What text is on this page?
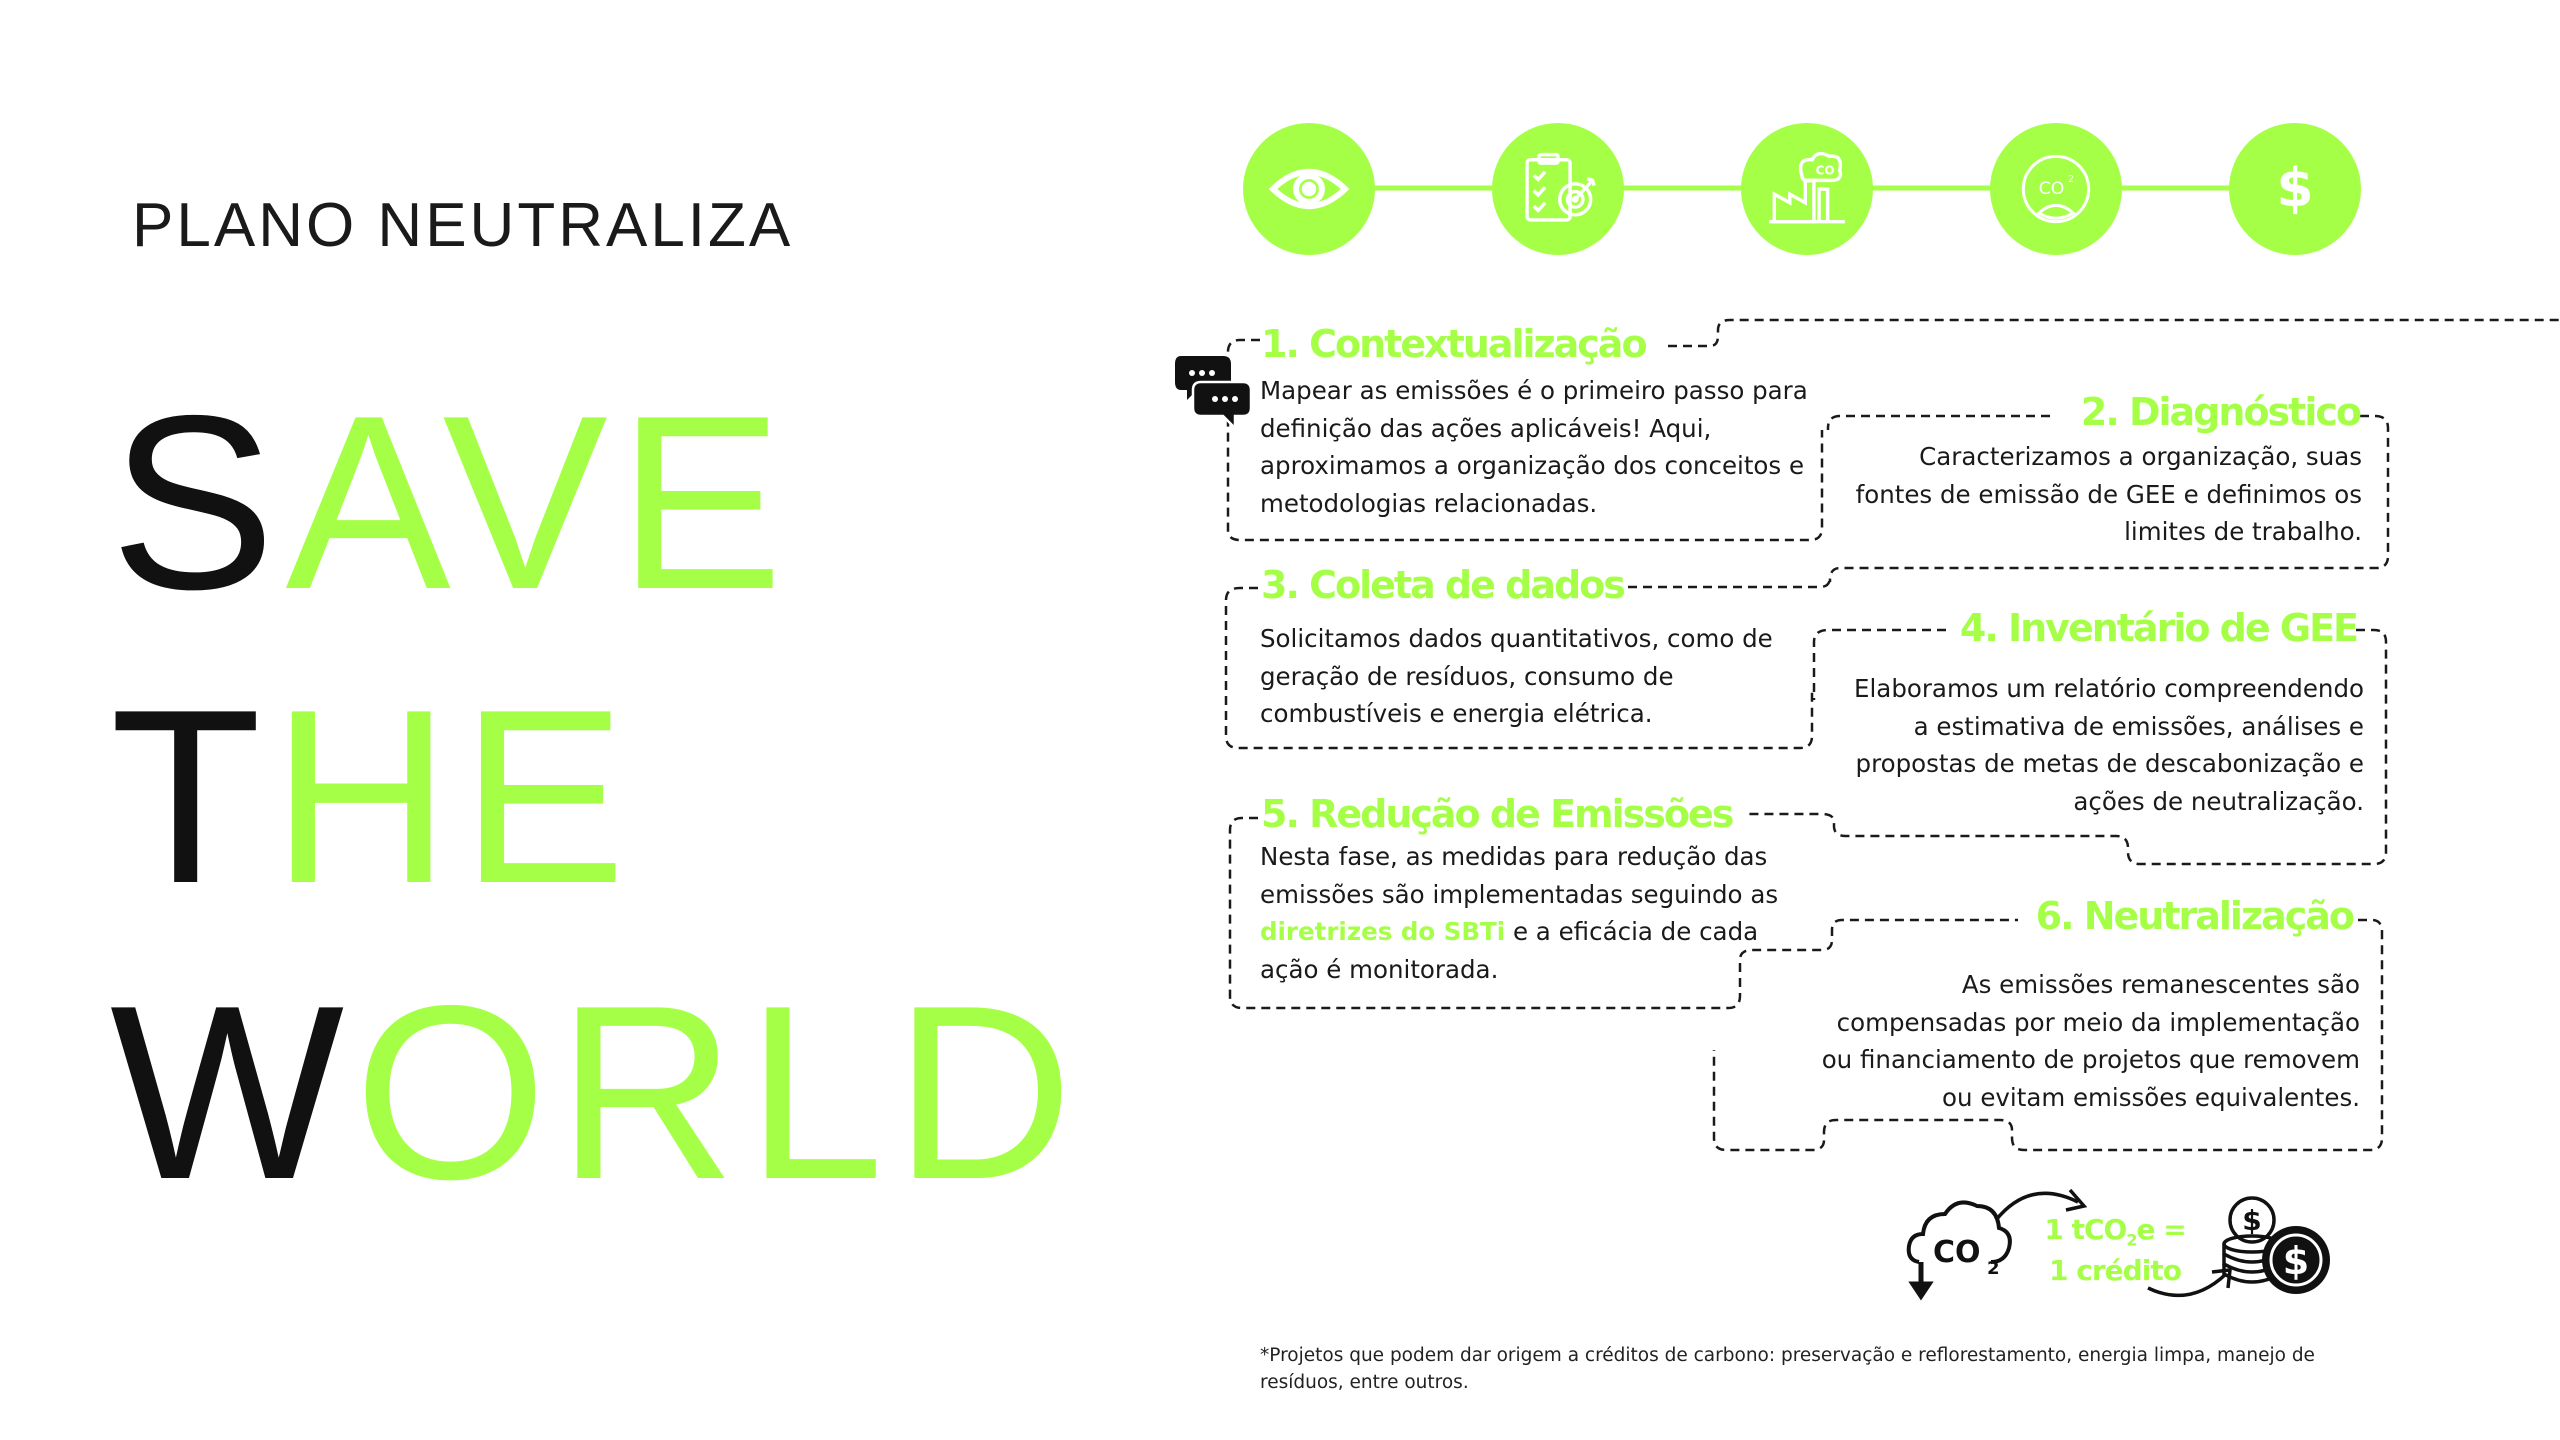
PLANO NEUTRALIZA
SAVE
THE
WORLD
CO
CO 2	$
1. Contextualização
Mapear as emissões é o primeiro passo para definição das ações aplicáveis! Aqui, aproximamos a organização dos conceitos e metodologias relacionadas.
2. Diagnóstico
Caracterizamos a organização, suas fontes de emissão de GEE e definimos os limites de trabalho.
3. Coleta de dados
Solicitamos dados quantitativos, como de geração de resíduos, consumo de combustíveis e energia elétrica.
4. Inventário de GEE
Elaboramos um relatório compreendendo a estimativa de emissões, análises e propostas de metas de descabonização e ações de neutralização.
5. Redução de Emissões
Nesta fase, as medidas para redução das emissões são implementadas seguindo as diretrizes do SBTi e a eficácia de cada ação é monitorada.
6. Neutralização
As emissões remanescentes são compensadas por meio da implementação ou financiamento de projetos que removem ou evitam emissões equivalentes.
CO 2
1 tCO$_2$e =
1 crédito
$
$
*Projetos que podem dar origem a créditos de carbono: preservação e reflorestamento, energia limpa, manejo de resíduos, entre outros.
